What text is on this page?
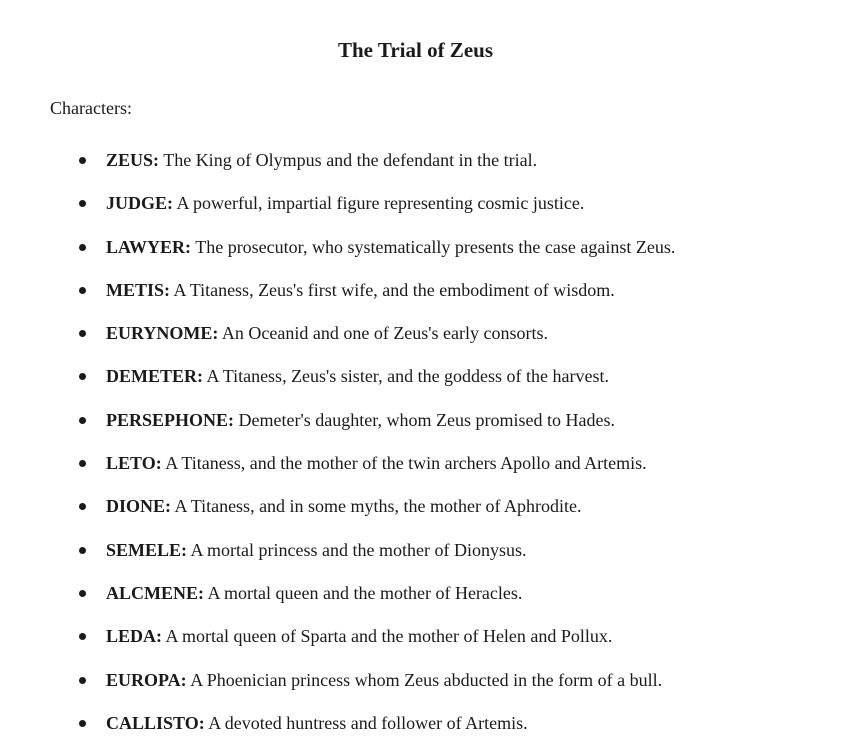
The Trial of Zeus

Characters:

ZEUS: The King of Olympus and the defendant in the trial.
JUDGE: A powerful, impartial figure representing cosmic justice.
LAWYER: The prosecutor, who systematically presents the case against Zeus.
METIS: A Titaness, Zeus's first wife, and the embodiment of wisdom.
EURYNOME: An Oceanid and one of Zeus's early consorts.
DEMETER: A Titaness, Zeus's sister, and the goddess of the harvest.
PERSEPHONE: Demeter's daughter, whom Zeus promised to Hades.
LETO: A Titaness, and the mother of the twin archers Apollo and Artemis.
DIONE: A Titaness, and in some myths, the mother of Aphrodite.
SEMELE: A mortal princess and the mother of Dionysus.
ALCMENE: A mortal queen and the mother of Heracles.
LEDA: A mortal queen of Sparta and the mother of Helen and Pollux.
EUROPA: A Phoenician princess whom Zeus abducted in the form of a bull.
CALLISTO: A devoted huntress and follower of Artemis.
